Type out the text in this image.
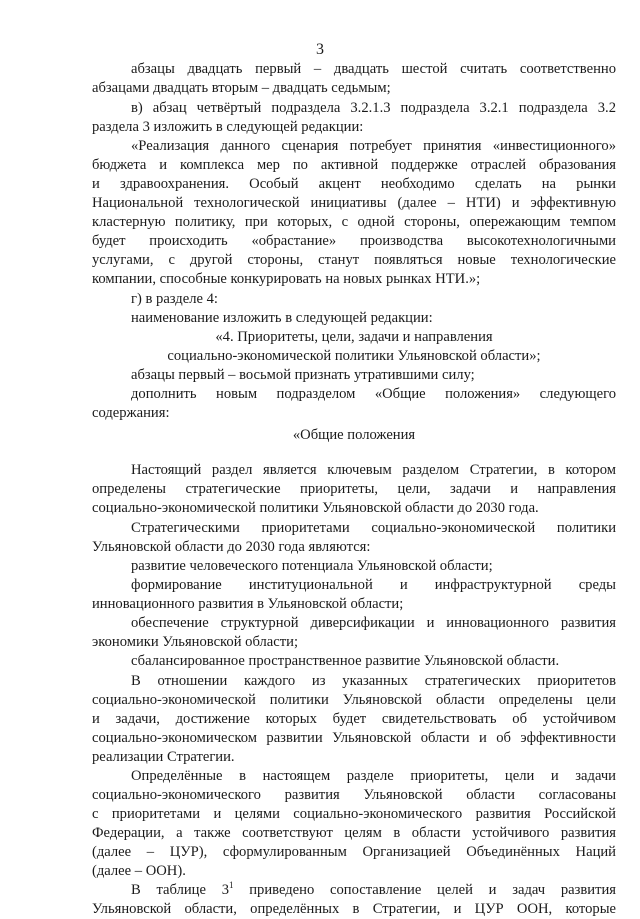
3
абзацы двадцать первый – двадцать шестой считать соответственно
абзацами двадцать вторым – двадцать седьмым;
в) абзац четвёртый подраздела 3.2.1.3 подраздела 3.2.1 подраздела 3.2
раздела 3 изложить в следующей редакции:
«Реализация данного сценария потребует принятия «инвестиционного»
бюджета и комплекса мер по активной поддержке отраслей образования
и здравоохранения. Особый акцент необходимо сделать на рынки
Национальной технологической инициативы (далее – НТИ) и эффективную
кластерную политику, при которых, с одной стороны, опережающим темпом
будет происходить «обрастание» производства высокотехнологичными
услугами, с другой стороны, станут появляться новые технологические
компании, способные конкурировать на новых рынках НТИ.»;
г) в разделе 4:
наименование изложить в следующей редакции:
«4. Приоритеты, цели, задачи и направления
социально-экономической политики Ульяновской области»;
абзацы первый – восьмой признать утратившими силу;
дополнить новым подразделом «Общие положения» следующего
содержания:
«Общие положения
Настоящий раздел является ключевым разделом Стратегии, в котором
определены стратегические приоритеты, цели, задачи и направления
социально-экономической политики Ульяновской области до 2030 года.
Стратегическими приоритетами социально-экономической политики
Ульяновской области до 2030 года являются:
развитие человеческого потенциала Ульяновской области;
формирование институциональной и инфраструктурной среды
инновационного развития в Ульяновской области;
обеспечение структурной диверсификации и инновационного развития
экономики Ульяновской области;
сбалансированное пространственное развитие Ульяновской области.
В отношении каждого из указанных стратегических приоритетов
социально-экономической политики Ульяновской области определены цели
и задачи, достижение которых будет свидетельствовать об устойчивом
социально-экономическом развитии Ульяновской области и об эффективности
реализации Стратегии.
Определённые в настоящем разделе приоритеты, цели и задачи
социально-экономического развития Ульяновской области согласованы
с приоритетами и целями социально-экономического развития Российской
Федерации, а также соответствуют целям в области устойчивого развития
(далее – ЦУР), сформулированным Организацией Объединённых Наций
(далее – ООН).
В таблице $3^1$ приведено сопоставление целей и задач развития
Ульяновской области, определённых в Стратегии, и ЦУР ООН, которые
